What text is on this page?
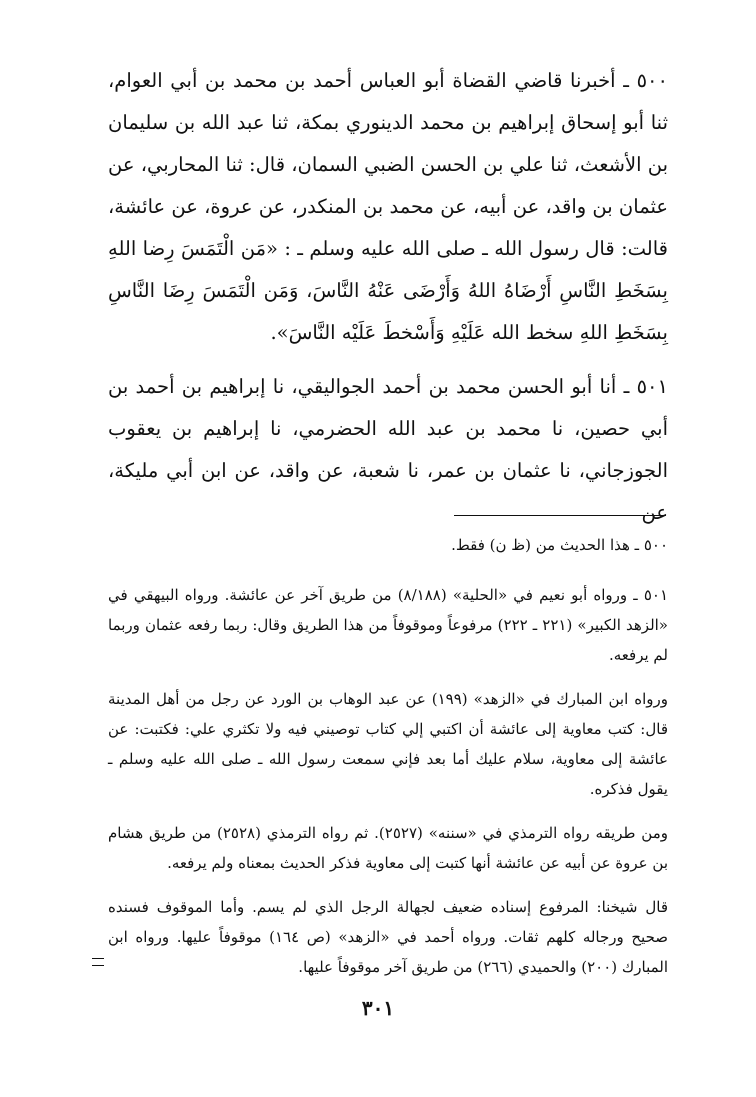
٥٠٠ ـ أخبرنا قاضي القضاة أبو العباس أحمد بن محمد بن أبي العوام، ثنا أبو إسحاق إبراهيم بن محمد الدينوري بمكة، ثنا عبد الله بن سليمان بن الأشعث، ثنا علي بن الحسن الضبي السمان، قال: ثنا المحاربي، عن عثمان بن واقد، عن أبيه، عن محمد بن المنكدر، عن عروة، عن عائشة، قالت: قال رسول الله ـ صلى الله عليه وسلم ـ : «مَن الْتَمَسَ رِضا اللهِ بِسَخَطِ النَّاسِ أَرْضَاهُ اللهُ وَأَرْضَى عَنْهُ النَّاسَ، وَمَن الْتَمَسَ رِضَا النَّاسِ بِسَخَطِ اللهِ سخط الله عَلَيْهِ وَأَسْخطَ عَلَيْه النَّاسَ».

٥٠١ ـ أنا أبو الحسن محمد بن أحمد الجواليقي، نا إبراهيم بن أحمد بن أبي حصين، نا محمد بن عبد الله الحضرمي، نا إبراهيم بن يعقوب الجوزجاني، نا عثمان بن عمر، نا شعبة، عن واقد، عن ابن أبي مليكة، عن

٥٠٠ ـ هذا الحديث من (ظ ن) فقط.

٥٠١ ـ ورواه أبو نعيم في «الحلية» (٨/١٨٨) من طريق آخر عن عائشة. ورواه البيهقي في «الزهد الكبير» (٢٢١ ـ ٢٢٢) مرفوعاً وموقوفاً من هذا الطريق وقال: ربما رفعه عثمان وربما لم يرفعه.

ورواه ابن المبارك في «الزهد» (١٩٩) عن عبد الوهاب بن الورد عن رجل من أهل المدينة قال: كتب معاوية إلى عائشة أن اكتبي إلي كتاب توصيني فيه ولا تكثري علي: فكتبت: عن عائشة إلى معاوية، سلام عليك أما بعد فإني سمعت رسول الله ـ صلى الله عليه وسلم ـ يقول فذكره.

ومن طريقه رواه الترمذي في «سننه» (٢٥٢٧). ثم رواه الترمذي (٢٥٢٨) من طريق هشام بن عروة عن أبيه عن عائشة أنها كتبت إلى معاوية فذكر الحديث بمعناه ولم يرفعه.

قال شيخنا: المرفوع إسناده ضعيف لجهالة الرجل الذي لم يسم. وأما الموقوف فسنده صحيح ورجاله كلهم ثقات. ورواه أحمد في «الزهد» (ص ١٦٤) موقوفاً عليها. ورواه ابن المبارك (٢٠٠) والحميدي (٢٦٦) من طريق آخر موقوفاً عليها.

٣٠١
